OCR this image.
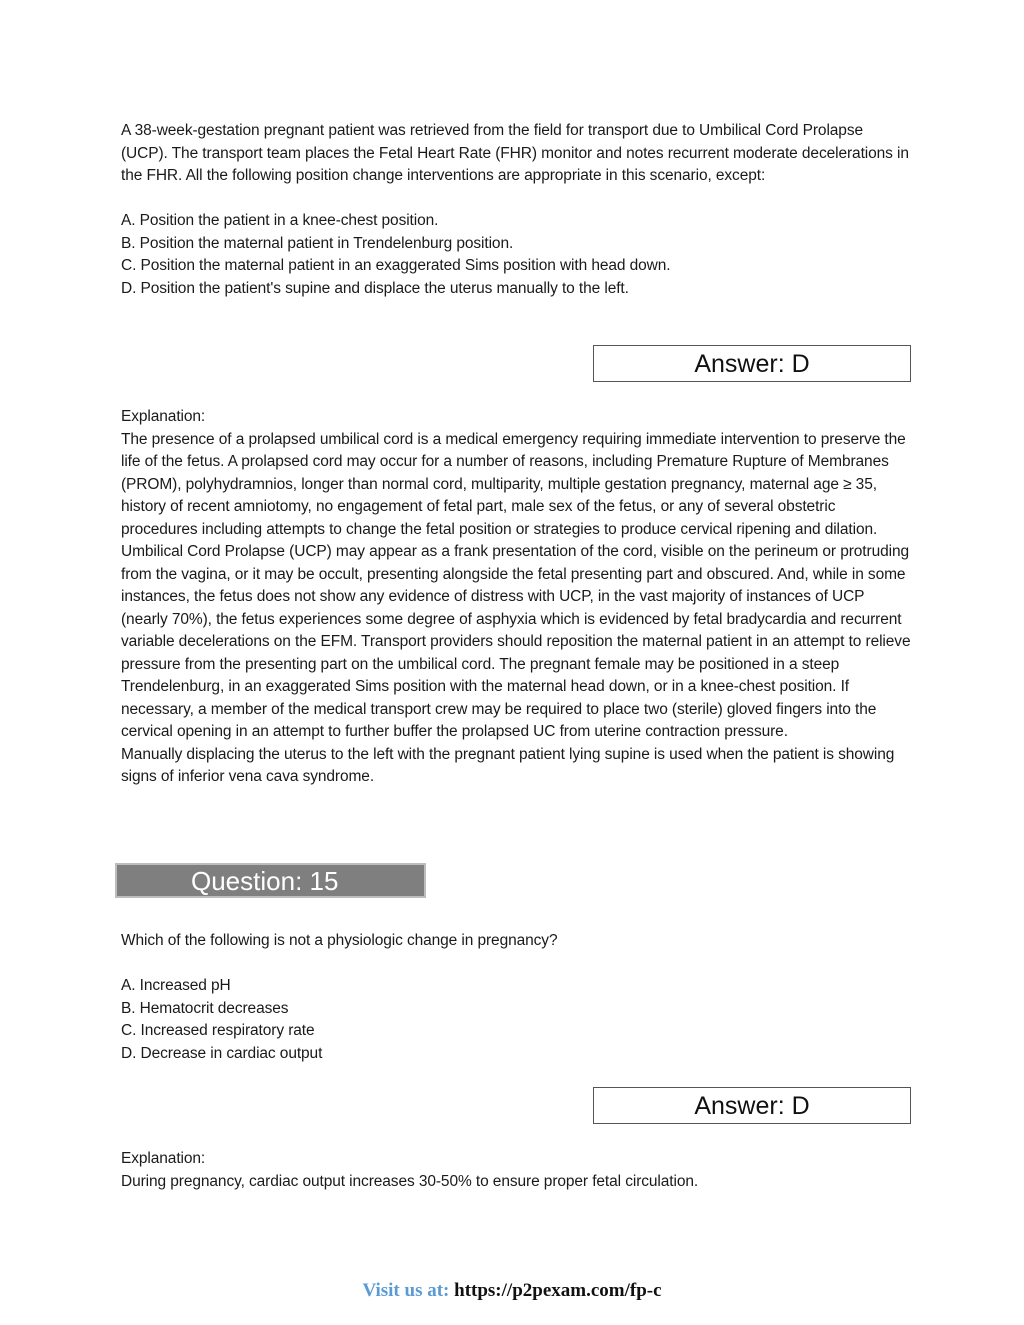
A 38-week-gestation pregnant patient was retrieved from the field for transport due to Umbilical Cord Prolapse (UCP). The transport team places the Fetal Heart Rate (FHR) monitor and notes recurrent moderate decelerations in the FHR. All the following position change interventions are appropriate in this scenario, except:

A. Position the patient in a knee-chest position.

B. Position the maternal patient in Trendelenburg position.

C. Position the maternal patient in an exaggerated Sims position with head down.

D. Position the patient's supine and displace the uterus manually to the left.

Answer: D

Explanation:

The presence of a prolapsed umbilical cord is a medical emergency requiring immediate intervention to preserve the life of the fetus. A prolapsed cord may occur for a number of reasons, including Premature Rupture of Membranes (PROM), polyhydramnios, longer than normal cord, multiparity, multiple gestation pregnancy, maternal age ≥ 35, history of recent amniotomy, no engagement of fetal part, male sex of the fetus, or any of several obstetric procedures including attempts to change the fetal position or strategies to produce cervical ripening and dilation.

Umbilical Cord Prolapse (UCP) may appear as a frank presentation of the cord, visible on the perineum or protruding from the vagina, or it may be occult, presenting alongside the fetal presenting part and obscured. And, while in some instances, the fetus does not show any evidence of distress with UCP, in the vast majority of instances of UCP (nearly 70%), the fetus experiences some degree of asphyxia which is evidenced by fetal bradycardia and recurrent variable decelerations on the EFM. Transport providers should reposition the maternal patient in an attempt to relieve pressure from the presenting part on the umbilical cord. The pregnant female may be positioned in a steep Trendelenburg, in an exaggerated Sims position with the maternal head down, or in a knee-chest position. If necessary, a member of the medical transport crew may be required to place two (sterile) gloved fingers into the cervical opening in an attempt to further buffer the prolapsed UC from uterine contraction pressure.

Manually displacing the uterus to the left with the pregnant patient lying supine is used when the patient is showing signs of inferior vena cava syndrome.

Question: 15

Which of the following is not a physiologic change in pregnancy?

A. Increased pH

B. Hematocrit decreases

C. Increased respiratory rate

D. Decrease in cardiac output

Answer: D

Explanation:

During pregnancy, cardiac output increases 30-50% to ensure proper fetal circulation.

Visit us at: https://p2pexam.com/fp-c
